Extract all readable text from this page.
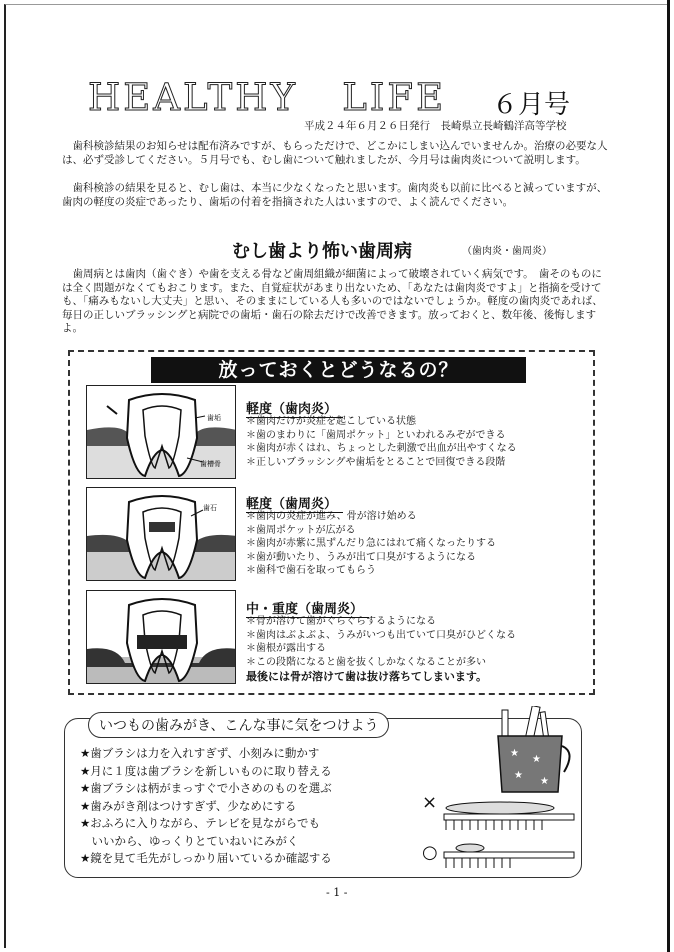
HEALTHY   LIFE ６月号
平成２４年６月２６日発行　長崎県立長崎鶴洋高等学校
　歯科検診結果のお知らせは配布済みですが、もらっただけで、どこかにしまい込んでいませんか。治療の必要な人は、必ず受診してください。５月号でも、むし歯について触れましたが、今月号は歯肉炎について説明します。
　歯科検診の結果を見ると、むし歯は、本当に少なくなったと思います。歯肉炎も以前に比べると減っていますが、歯肉の軽度の炎症であったり、歯垢の付着を指摘された人はいますので、よく読んでください。
むし歯より怖い歯周病	（歯肉炎・歯周炎）
　歯周病とは歯肉（歯ぐき）や歯を支える骨など歯周組織が細菌によって破壊されていく病気です。　歯そのものには全く問題がなくてもおこります。また、自覚症状があまり出ないため、「あなたは歯肉炎ですよ」と指摘を受けても、「痛みもないし大丈夫」と思い、そのままにしている人も多いのではないでしょうか。軽度の歯肉炎であれば、毎日の正しいブラッシングと病院での歯垢・歯石の除去だけで改善できます。放っておくと、数年後、後悔しますよ。
放っておくとどうなるの？
歯垢
歯槽骨
軽度（歯肉炎）
＊歯肉だけが炎症を起こしている状態
＊歯のまわりに「歯周ポケット」といわれるみぞができる
＊歯肉が赤くはれ、ちょっとした刺激で出血が出やすくなる
＊正しいブラッシングや歯垢をとることで回復できる段階
歯石 軽度（歯周炎）
＊歯肉の炎症が進み、骨が溶け始める
＊歯周ポケットが広がる
＊歯肉が赤紫に黒ずんだり急にはれて痛くなったりする
＊歯が動いたり、うみが出て口臭がするようになる
＊歯科で歯石を取ってもらう
中・重度（歯周炎）
＊骨が溶けて歯がぐらぐらするようになる
＊歯肉はぶよぶよ、うみがいつも出ていて口臭がひどくなる
＊歯根が露出する
＊この段階になると歯を抜くしかなくなることが多い
最後には骨が溶けて歯は抜け落ちてしまいます。
いつもの歯みがき、こんな事に気をつけよう
★歯ブラシは力を入れすぎず、小刻みに動かす
★月に１度は歯ブラシを新しいものに取り替える
★歯ブラシは柄がまっすぐで小さめのものを選ぶ
★歯みがき剤はつけすぎず、少なめにする
★おふろに入りながら、テレビを見ながらでも
　いいから、ゆっくりとていねいにみがく
★鏡を見て毛先がしっかり届いているか確認する
★
★
★
★
×
○
- 1 -
